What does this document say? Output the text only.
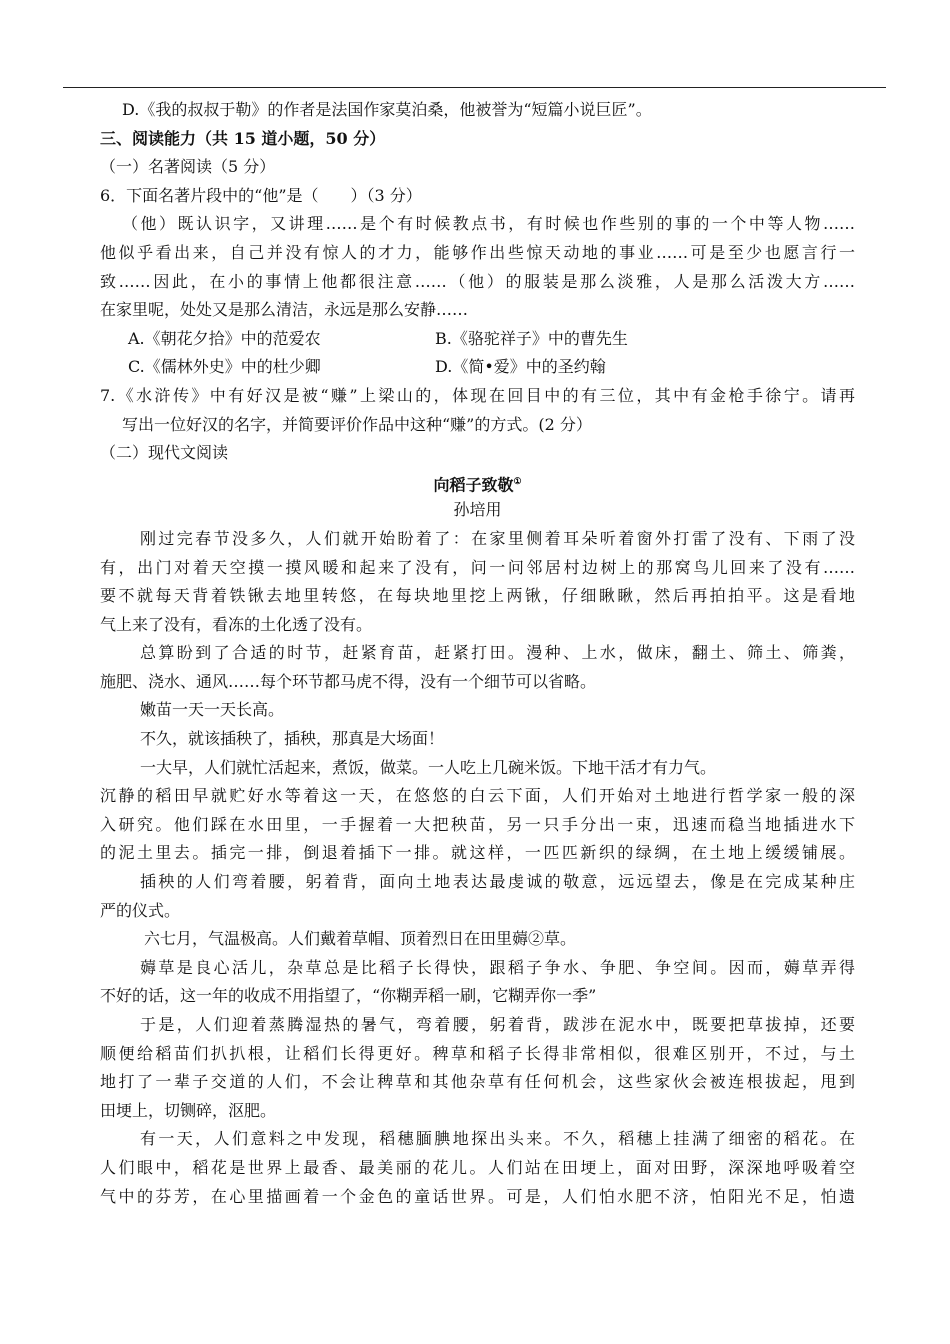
D.《我的叔叔于勒》的作者是法国作家莫泊桑，他被誉为“短篇小说巨匠”。
三、阅读能力（共 15 道小题，50 分）
（一）名著阅读（5 分）
6．下面名著片段中的“他”是（　　）（3 分）
（他）既认识字，又讲理……是个有时候教点书，有时候也作些别的事的一个中等人物……
他似乎看出来，自己并没有惊人的才力，能够作出些惊天动地的事业……可是至少也愿言行一
致……因此，在小的事情上他都很注意……（他）的服装是那么淡雅，人是那么活泼大方……
在家里呢，处处又是那么清洁，永远是那么安静……
A.《朝花夕拾》中的范爱农	B.《骆驼祥子》中的曹先生
C.《儒林外史》中的杜少卿	D.《简•爱》中的圣约翰
7.《水浒传》中有好汉是被“赚”上梁山的，体现在回目中的有三位，其中有金枪手徐宁。请再
写出一位好汉的名字，并简要评价作品中这种“赚”的方式。(2 分）
（二）现代文阅读
向稻子致敬①
孙培用
刚过完春节没多久，人们就开始盼着了：在家里侧着耳朵听着窗外打雷了没有、下雨了没
有，出门对着天空摸一摸风暖和起来了没有，问一问邻居村边树上的那窝鸟儿回来了没有……
要不就每天背着铁锹去地里转悠，在每块地里挖上两锹，仔细瞅瞅，然后再拍拍平。这是看地
气上来了没有，看冻的土化透了没有。
总算盼到了合适的时节，赶紧育苗，赶紧打田。漫种、上水，做床，翻土、筛土、筛粪，
施肥、浇水、通风……每个环节都马虎不得，没有一个细节可以省略。
嫩苗一天一天长高。
不久，就该插秧了，插秧，那真是大场面！
一大早，人们就忙活起来，煮饭，做菜。一人吃上几碗米饭。下地干活才有力气。
沉静的稻田早就贮好水等着这一天，在悠悠的白云下面，人们开始对土地进行哲学家一般的深
入研究。他们踩在水田里，一手握着一大把秧苗，另一只手分出一束，迅速而稳当地插进水下
的泥土里去。插完一排，倒退着插下一排。就这样，一匹匹新织的绿绸，在土地上缓缓铺展。
插秧的人们弯着腰，躬着背，面向土地表达最虔诚的敬意，远远望去，像是在完成某种庄
严的仪式。
六七月，气温极高。人们戴着草帽、顶着烈日在田里薅②草。
薅草是良心活儿，杂草总是比稻子长得快，跟稻子争水、争肥、争空间。因而，薅草弄得
不好的话，这一年的收成不用指望了，“你糊弄稻一刷，它糊弄你一季”
于是，人们迎着蒸腾湿热的暑气，弯着腰，躬着背，跋涉在泥水中，既要把草拔掉，还要
顺便给稻苗们扒扒根，让稻们长得更好。稗草和稻子长得非常相似，很难区别开，不过，与土
地打了一辈子交道的人们，不会让稗草和其他杂草有任何机会，这些家伙会被连根拔起，甩到
田埂上，切铡碎，沤肥。
有一天，人们意料之中发现，稻穗腼腆地探出头来。不久，稻穗上挂满了细密的稻花。在
人们眼中，稻花是世界上最香、最美丽的花儿。人们站在田埂上，面对田野，深深地呼吸着空
气中的芬芳，在心里描画着一个金色的童话世界。可是，人们怕水肥不济，怕阳光不足，怕遗
